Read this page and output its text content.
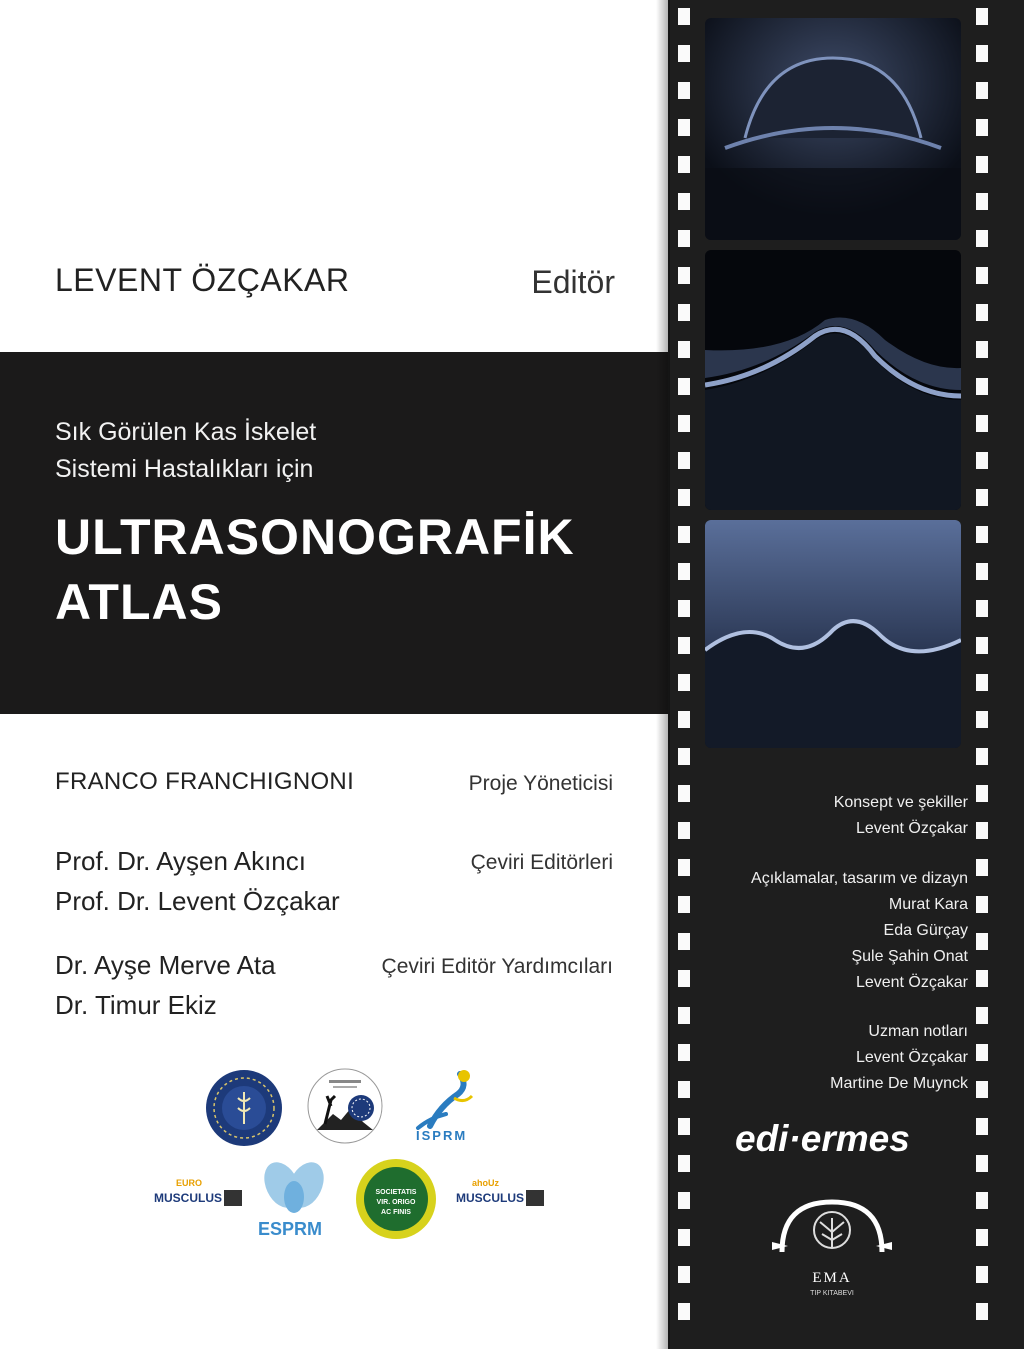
LEVENT ÖZÇAKAR	Editör
Sık Görülen Kas İskelet
Sistemi Hastalıkları için
ULTRASONOGRAFİK
ATLAS
FRANCO FRANCHIGNONI	Proje Yöneticisi
Prof. Dr. Ayşen Akıncı
Prof. Dr. Levent Özçakar
Çeviri Editörleri
Dr. Ayşe Merve Ata
Dr. Timur Ekiz
Çeviri Editör Yardımcıları
ISPRM
EURO
MUSCULUS
ESPRM
SOCIETATIS
VIR. ORIGO
AC FINIS
ahoUz
MUSCULUS
Konsept ve şekiller
Levent Özçakar
Açıklamalar, tasarım ve dizayn
Murat Kara
Eda Gürçay
Şule Şahin Onat
Levent Özçakar
Uzman notları
Levent Özçakar
Martine De Muynck
edi·ermes
EMA
TIP KITABEVI
